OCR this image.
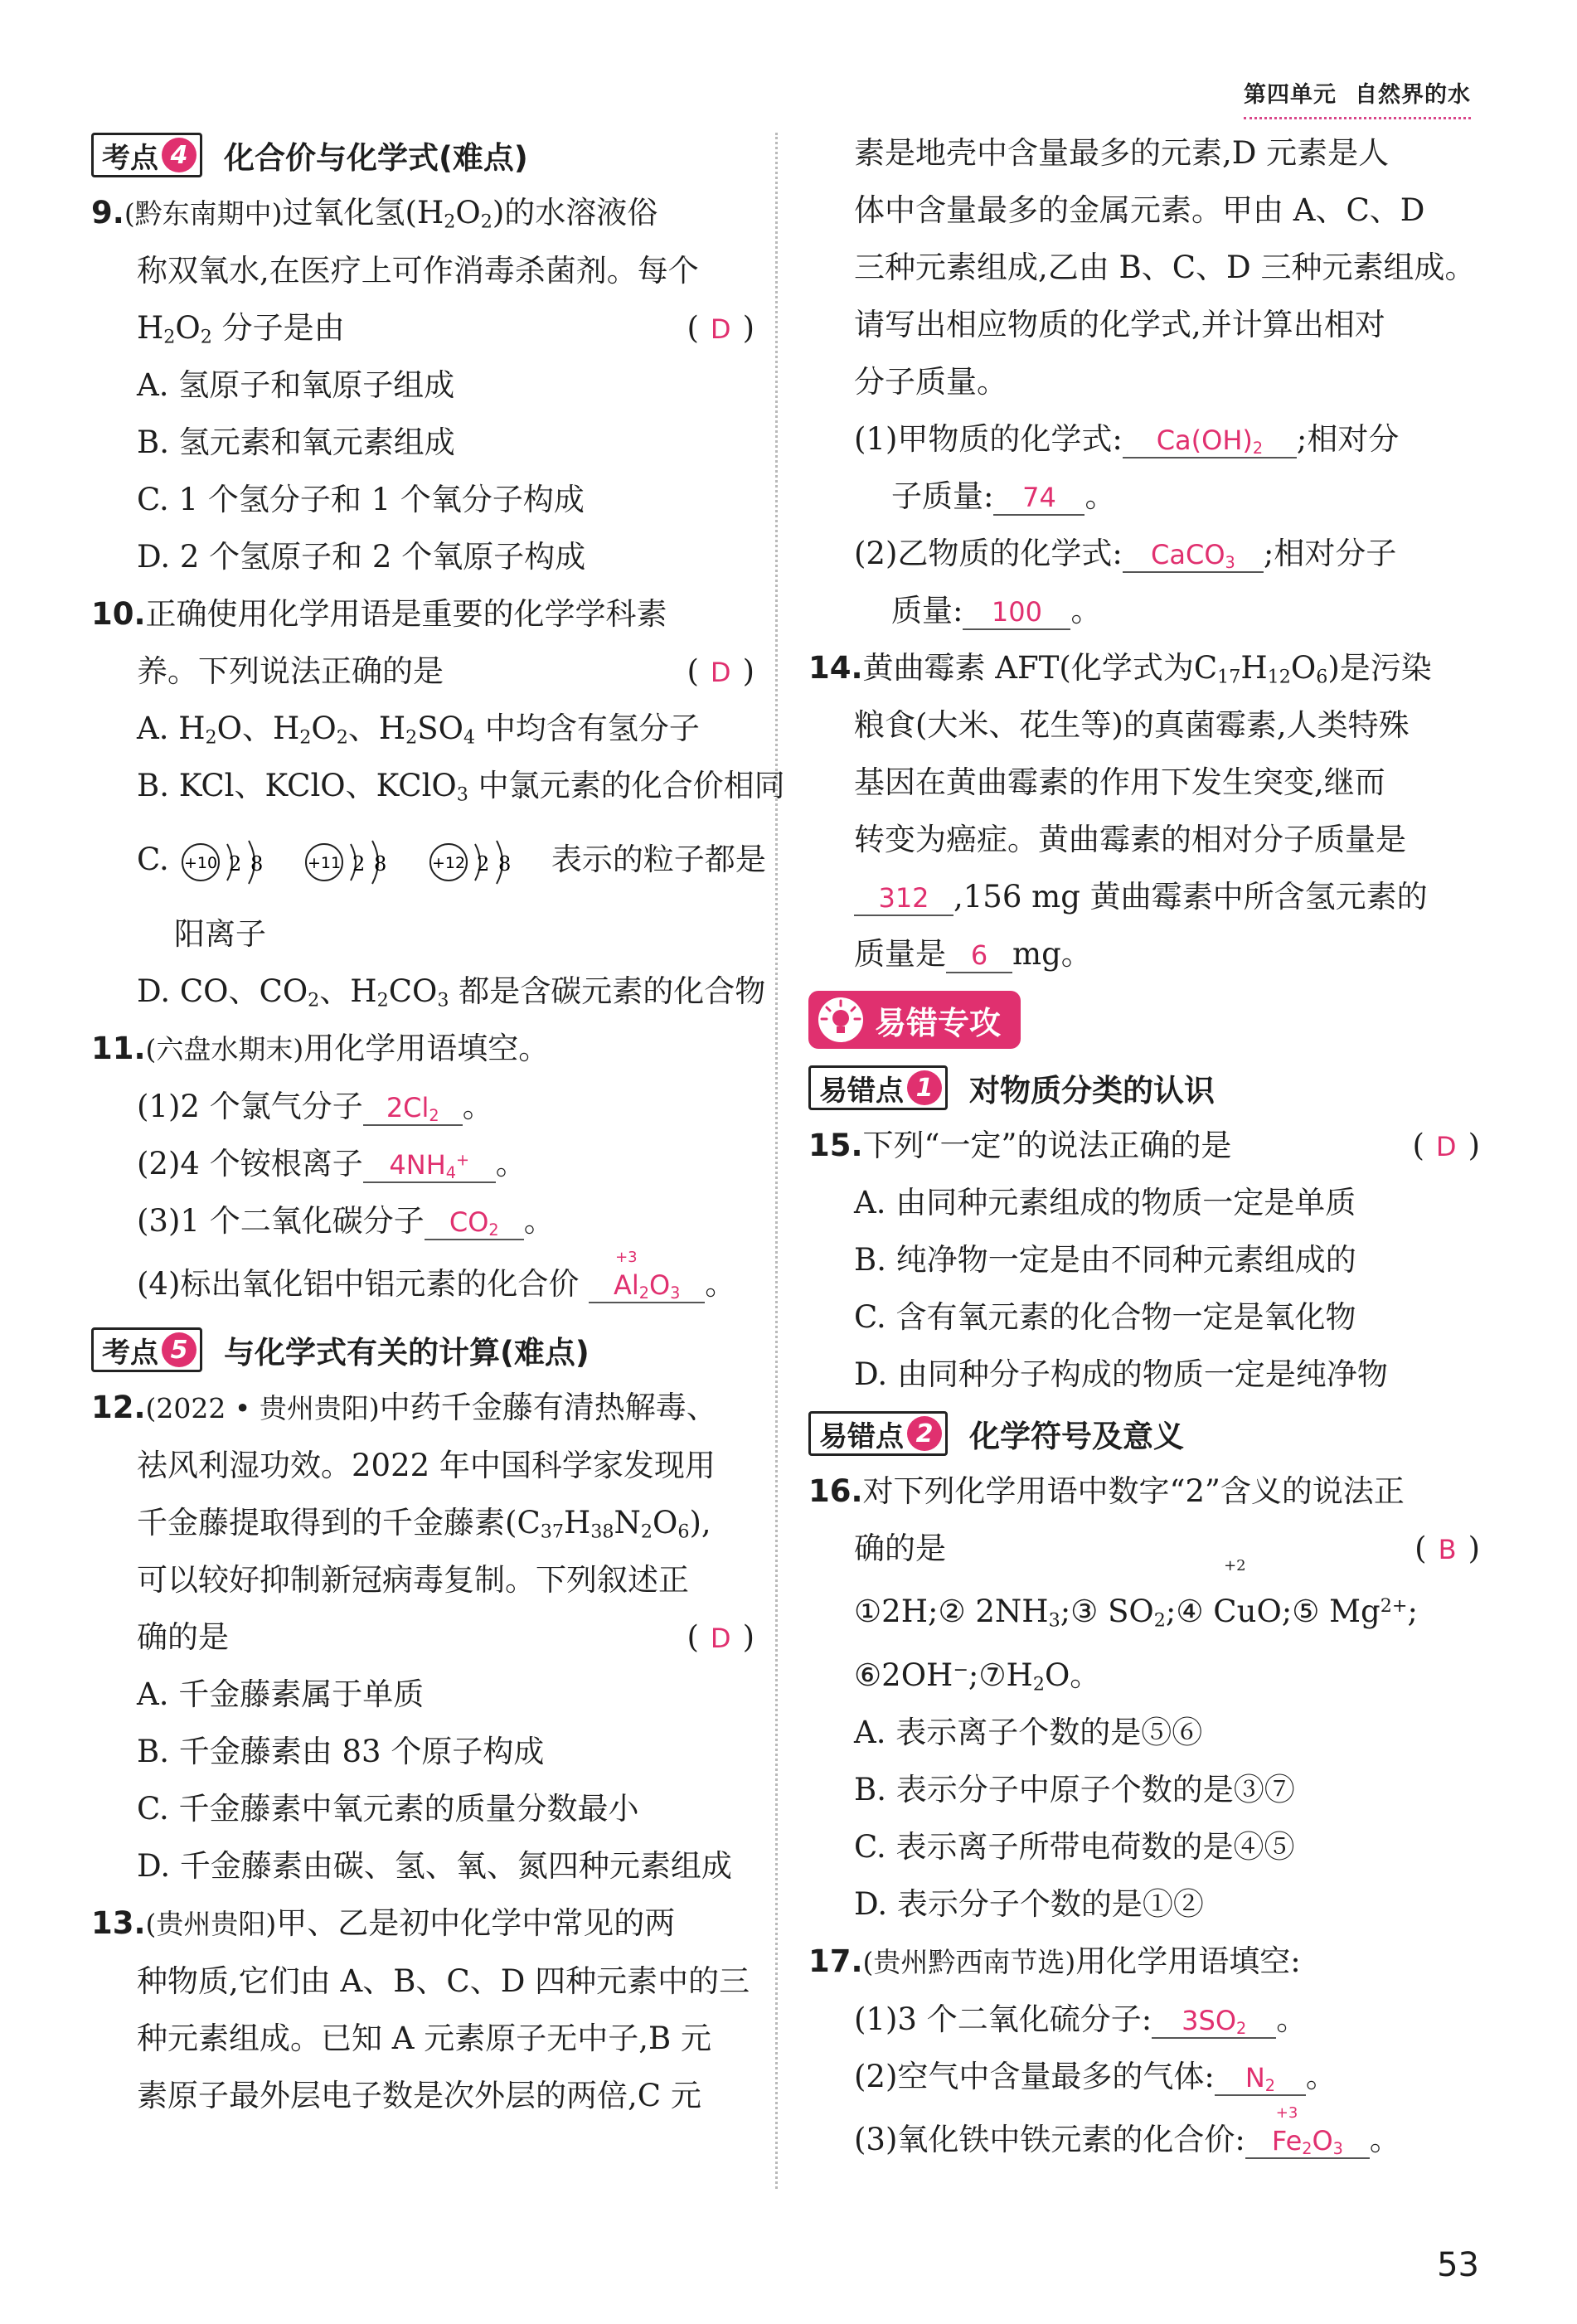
第四单元 自然界的水
考点 4 化合价与化学式(难点)
9.(黔东南期中)过氧化氢$(H_2O_2)$的水溶液俗
称双氧水,在医疗上可作消毒杀菌剂。每个
$H_2O_2$ 分子是由	( D )
A. 氢原子和氧原子组成
B. 氢元素和氧元素组成
C. 1 个氢分子和 1 个氧分子构成
D. 2 个氢原子和 2 个氧原子构成
10.正确使用化学用语是重要的化学学科素
养。下列说法正确的是	( D )
A. $H_2O$、$H_2O_2$、$H_2SO_4$ 中均含有氢分子
B. KCl、KClO、KClO$_3$ 中氯元素的化合价相同
C. +10 2 8
	+11 2 8
	+12 2 8 表示的粒子都是
阳离子
D. CO、$CO_2$、$H_2CO_3$ 都是含碳元素的化合物
11.(六盘水期末)用化学用语填空。
(1)2 个氯气分子 $2Cl_2$ 。
(2)4 个铵根离子 $4NH_4^+$ 。
(3)1 个二氧化碳分子 $CO_2$ 。
(4)标出氧化铝中铝元素的化合价 Al
+3
$_2O_3$ 。
考点 5 与化学式有关的计算(难点)
12.(2022 • 贵州贵阳)中药千金藤有清热解毒、
祛风利湿功效。2022 年中国科学家发现用
千金藤提取得到的千金藤素$(C_{37}H_{38}N_2O_6)$,
可以较好抑制新冠病毒复制。下列叙述正
确的是	( D )
A. 千金藤素属于单质
B. 千金藤素由 83 个原子构成
C. 千金藤素中氧元素的质量分数最小
D. 千金藤素由碳、氢、氧、氮四种元素组成
13.(贵州贵阳)甲、乙是初中化学中常见的两
种物质,它们由 A、B、C、D 四种元素中的三
种元素组成。已知 A 元素原子无中子,B 元
素原子最外层电子数是次外层的两倍,C 元
素是地壳中含量最多的元素,D 元素是人
体中含量最多的金属元素。甲由 A、C、D
三种元素组成,乙由 B、C、D 三种元素组成。
请写出相应物质的化学式,并计算出相对
分子质量。
(1)甲物质的化学式: $Ca(OH)_2$ ;相对分
子质量: 74 。
(2)乙物质的化学式: CaCO$_3$ ;相对分子
质量: 100 。
14.黄曲霉素 AFT(化学式为$C_{17}H_{12}O_6$)是污染
粮食(大米、花生等)的真菌霉素,人类特殊
基因在黄曲霉素的作用下发生突变,继而
转变为癌症。黄曲霉素的相对分子质量是
312 ,156 mg 黄曲霉素中所含氢元素的
质量是 6 mg。
易错专攻
易错点 1 对物质分类的认识
15.下列“一定”的说法正确的是	( D )
A. 由同种元素组成的物质一定是单质
B. 纯净物一定是由不同种元素组成的
C. 含有氧元素的化合物一定是氧化物
D. 由同种分子构成的物质一定是纯净物
易错点 2 化学符号及意义
16.对下列化学用语中数字“2”含义的说法正
确的是	( B )
①2H;② $2NH_3;③$ $SO_2;④$ Cu
+2
O;⑤ $Mg^{2+}$;
$⑥2OH^-;⑦H_2O$。
A. 表示离子个数的是⑤⑥
B. 表示分子中原子个数的是③⑦
C. 表示离子所带电荷数的是④⑤
D. 表示分子个数的是①②
17.(贵州黔西南节选)用化学用语填空:
(1)3 个二氧化硫分子: $3SO_2$ 。
(2)空气中含量最多的气体: $N_2$ 。
(3)氧化铁中铁元素的化合价: Fe
+3
$_2O_3$ 。
53
